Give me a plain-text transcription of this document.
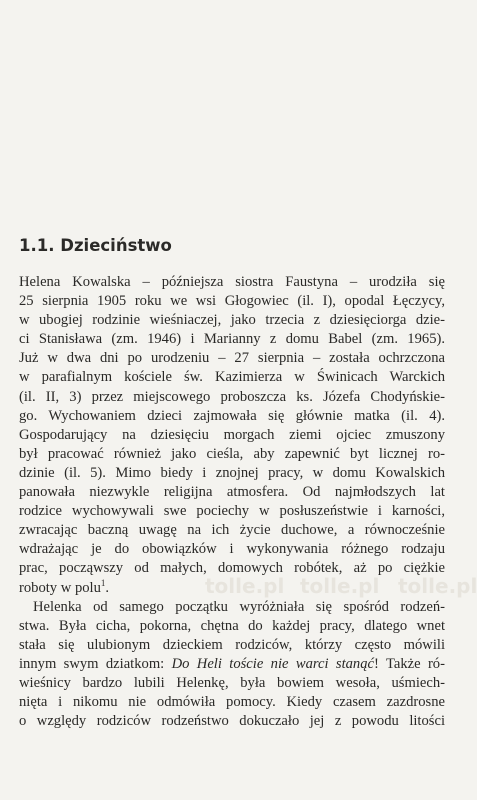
1.1. Dzieciństwo
Helena Kowalska – późniejsza siostra Faustyna – urodziła się
25 sierpnia 1905 roku we wsi Głogowiec (il. I), opodal Łęczycy,
w ubogiej rodzinie wieśniaczej, jako trzecia z dziesięciorga dzie-
ci Stanisława (zm. 1946) i Marianny z domu Babel (zm. 1965).
Już w dwa dni po urodzeniu – 27 sierpnia – została ochrzczona
w parafialnym kościele św. Kazimierza w Świnicach Warckich
(il. II, 3) przez miejscowego proboszcza ks. Józefa Chodyńskie-
go. Wychowaniem dzieci zajmowała się głównie matka (il. 4).
Gospodarujący na dziesięciu morgach ziemi ojciec zmuszony
był pracować również jako cieśla, aby zapewnić byt licznej ro-
dzinie (il. 5). Mimo biedy i znojnej pracy, w domu Kowalskich
panowała niezwykle religijna atmosfera. Od najmłodszych lat
rodzice wychowywali swe pociechy w posłuszeństwie i karności,
zwracając baczną uwagę na ich życie duchowe, a równocześnie
wdrażając je do obowiązków i wykonywania różnego rodzaju
prac, począwszy od małych, domowych robótek, aż po ciężkie
roboty w polu$^1$.
Helenka od samego początku wyróżniała się spośród rodzeń-
stwa. Była cicha, pokorna, chętna do każdej pracy, dlatego wnet
stała się ulubionym dzieckiem rodziców, którzy często mówili
innym swym dziatkom: Do Heli toście nie warci stanąć! Także ró-
wieśnicy bardzo lubili Helenkę, była bowiem wesoła, uśmiech-
nięta i nikomu nie odmówiła pomocy. Kiedy czasem zazdrosne
o względy rodziców rodzeństwo dokuczało jej z powodu litości
tolle.pl tolle.pl tolle.pl
